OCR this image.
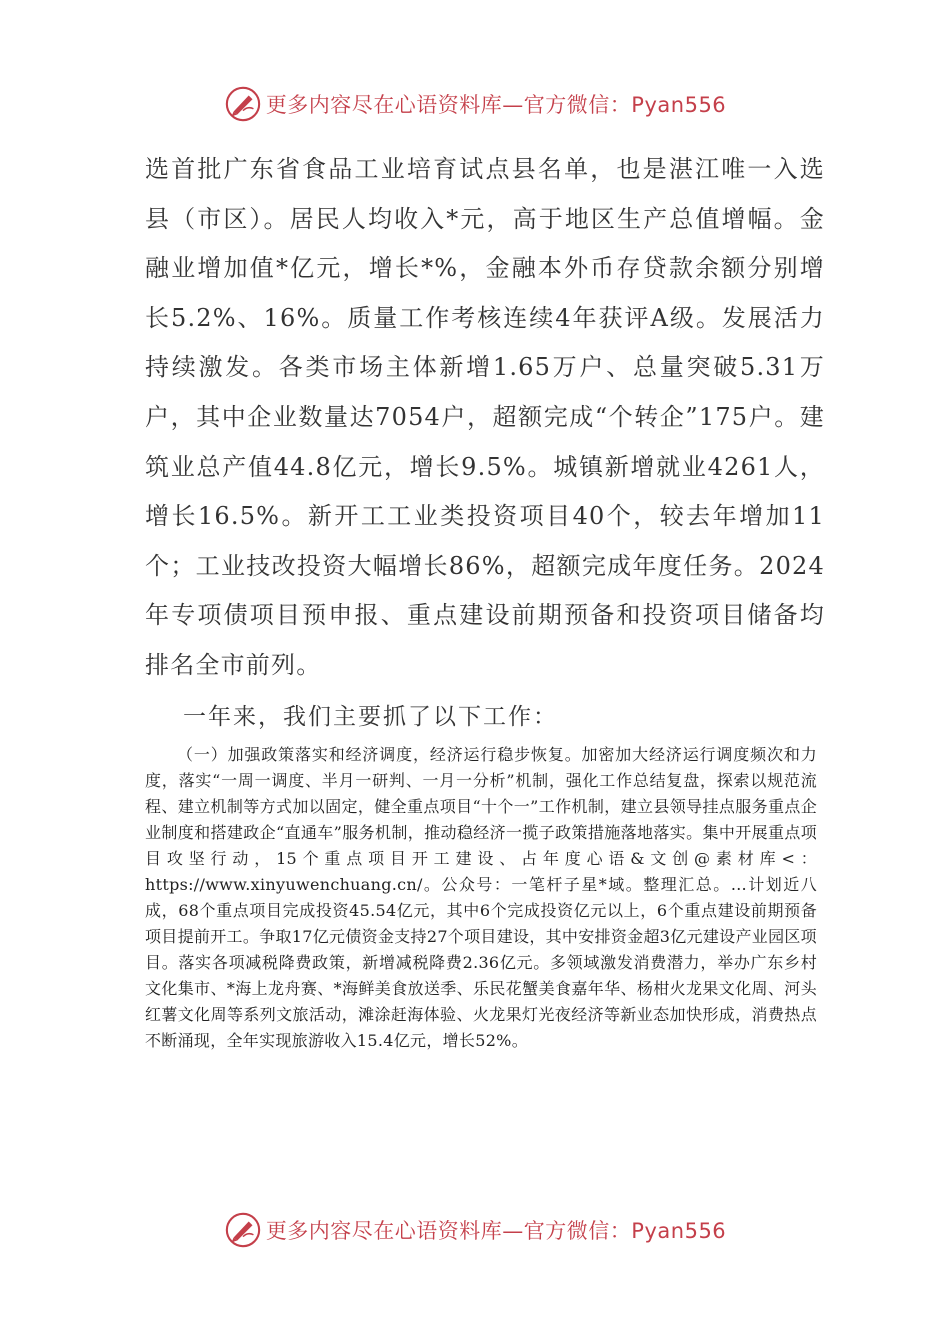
更多内容尽在心语资料库—官方微信：Pyan556
选首批广东省食品工业培育试点县名单，也是湛江唯一入选县（市区）。居民人均收入*元，高于地区生产总值增幅。金融业增加值*亿元，增长*%，金融本外币存贷款余额分别增长5.2%、16%。质量工作考核连续4年获评A级。发展活力持续激发。各类市场主体新增1.65万户、总量突破5.31万户，其中企业数量达7054户，超额完成“个转企”175户。建筑业总产值44.8亿元，增长9.5%。城镇新增就业4261人，增长16.5%。新开工工业类投资项目40个，较去年增加11个；工业技改投资大幅增长86%，超额完成年度任务。2024年专项债项目预申报、重点建设前期预备和投资项目储备均排名全市前列。
一年来，我们主要抓了以下工作：
（一）加强政策落实和经济调度，经济运行稳步恢复。加密加大经济运行调度频次和力度，落实“一周一调度、半月一研判、一月一分析”机制，强化工作总结复盘，探索以规范流程、建立机制等方式加以固定，健全重点项目“十个一”工作机制，建立县领导挂点服务重点企业制度和搭建政企“直通车”服务机制，推动稳经济一揽子政策措施落地落实。集中开展重点项目攻坚行动，15个重点项目开工建设、占年度心语&文创@素材库<：https://www.xinyuwenchuang.cn/。公众号：一笔杆子星*域。整理汇总。…计划近八成，68个重点项目完成投资45.54亿元，其中6个完成投资亿元以上，6个重点建设前期预备项目提前开工。争取17亿元债资金支持27个项目建设，其中安排资金超3亿元建设产业园区项目。落实各项减税降费政策，新增减税降费2.36亿元。多领域激发消费潜力，举办广东乡村文化集市、*海上龙舟赛、*海鲜美食放送季、乐民花蟹美食嘉年华、杨柑火龙果文化周、河头红薯文化周等系列文旅活动，滩涂赶海体验、火龙果灯光夜经济等新业态加快形成，消费热点不断涌现，全年实现旅游收入15.4亿元，增长52%。
更多内容尽在心语资料库—官方微信：Pyan556
